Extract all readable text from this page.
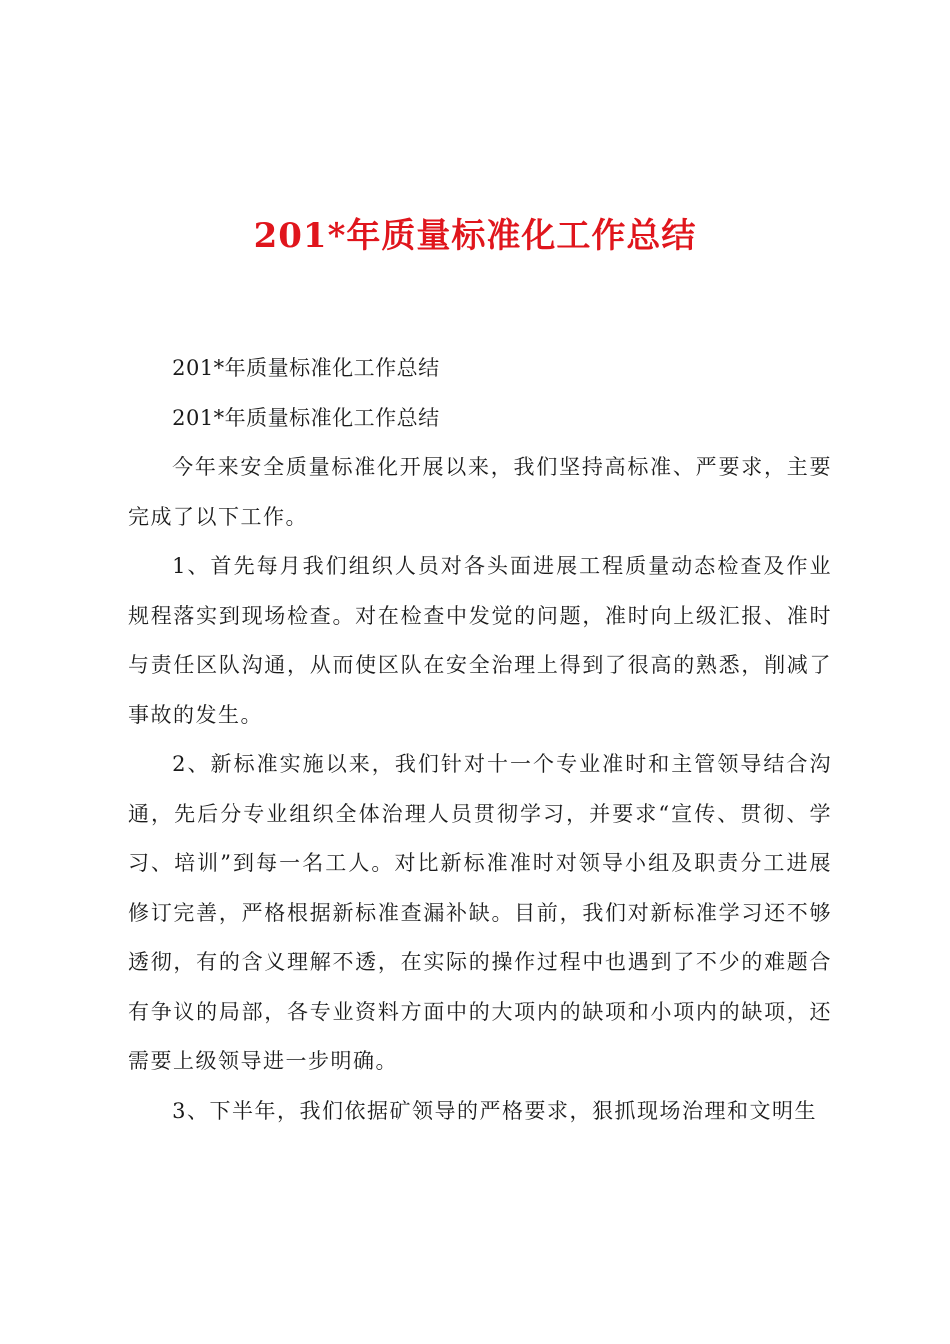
201*年质量标准化工作总结

201*年质量标准化工作总结

201*年质量标准化工作总结

今年来安全质量标准化开展以来，我们坚持高标准、严要求，主要完成了以下工作。

1、首先每月我们组织人员对各头面进展工程质量动态检查及作业规程落实到现场检查。对在检查中发觉的问题，准时向上级汇报、准时与责任区队沟通，从而使区队在安全治理上得到了很高的熟悉，削减了事故的发生。

2、新标准实施以来，我们针对十一个专业准时和主管领导结合沟通，先后分专业组织全体治理人员贯彻学习，并要求“宣传、贯彻、学习、培训”到每一名工人。对比新标准准时对领导小组及职责分工进展修订完善，严格根据新标准查漏补缺。目前，我们对新标准学习还不够透彻，有的含义理解不透，在实际的操作过程中也遇到了不少的难题合有争议的局部，各专业资料方面中的大项内的缺项和小项内的缺项，还需要上级领导进一步明确。

3、下半年，我们依据矿领导的严格要求，狠抓现场治理和文明生
